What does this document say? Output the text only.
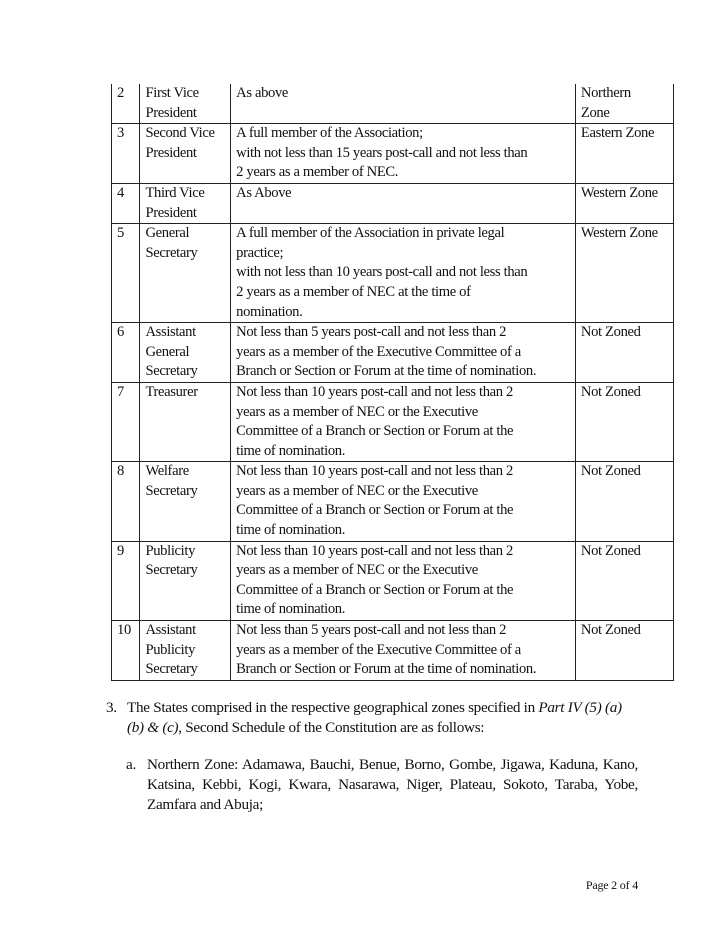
2	First Vice
President	As above	Northern
Zone

3	Second Vice
President	A full member of the Association;
with not less than 15 years post-call and not less than
2 years as a member of NEC.	Eastern Zone

4	Third Vice
President	As Above	Western Zone

5	General
Secretary	A full member of the Association in private legal
practice;
with not less than 10 years post-call and not less than
2 years as a member of NEC at the time of
nomination.	Western Zone

6	Assistant
General
Secretary	Not less than 5 years post-call and not less than 2
years as a member of the Executive Committee of a
Branch or Section or Forum at the time of nomination.	Not Zoned

7	Treasurer	Not less than 10 years post-call and not less than 2
years as a member of NEC or the Executive
Committee of a Branch or Section or Forum at the
time of nomination.	Not Zoned

8	Welfare
Secretary	Not less than 10 years post-call and not less than 2
years as a member of NEC or the Executive
Committee of a Branch or Section or Forum at the
time of nomination.	Not Zoned

9	Publicity
Secretary	Not less than 10 years post-call and not less than 2
years as a member of NEC or the Executive
Committee of a Branch or Section or Forum at the
time of nomination.	Not Zoned

10	Assistant
Publicity
Secretary	Not less than 5 years post-call and not less than 2
years as a member of the Executive Committee of a
Branch or Section or Forum at the time of nomination.	Not Zoned
3. The States comprised in the respective geographical zones specified in Part IV (5) (a)
(b) & (c), Second Schedule of the Constitution are as follows:
a. Northern Zone: Adamawa, Bauchi, Benue, Borno, Gombe, Jigawa, Kaduna, Kano, Katsina, Kebbi, Kogi, Kwara, Nasarawa, Niger, Plateau, Sokoto, Taraba, Yobe, Zamfara and Abuja;
Page 2 of 4
